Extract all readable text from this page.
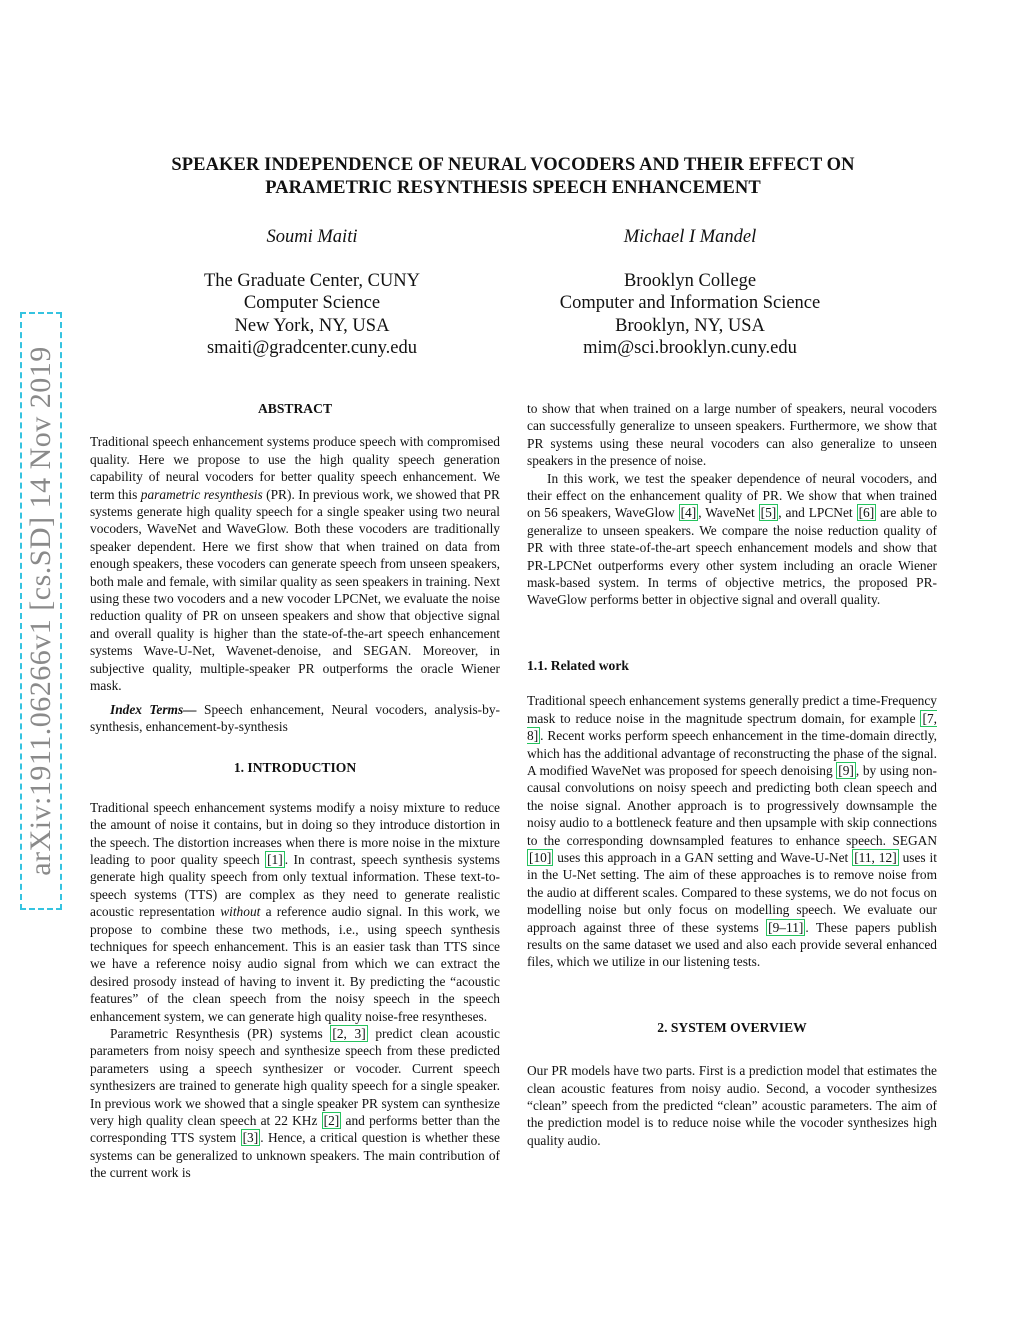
arXiv:1911.06266v1 [cs.SD] 14 Nov 2019
SPEAKER INDEPENDENCE OF NEURAL VOCODERS AND THEIR EFFECT ON
PARAMETRIC RESYNTHESIS SPEECH ENHANCEMENT
Soumi Maiti
The Graduate Center, CUNY
Computer Science
New York, NY, USA
smaiti@gradcenter.cuny.edu
Michael I Mandel
Brooklyn College
Computer and Information Science
Brooklyn, NY, USA
mim@sci.brooklyn.cuny.edu
ABSTRACT

Traditional speech enhancement systems produce speech with compromised quality. Here we propose to use the high quality speech generation capability of neural vocoders for better quality speech enhancement. We term this parametric resynthesis (PR). In previous work, we showed that PR systems generate high quality speech for a single speaker using two neural vocoders, WaveNet and WaveGlow. Both these vocoders are traditionally speaker dependent. Here we first show that when trained on data from enough speakers, these vocoders can generate speech from unseen speakers, both male and female, with similar quality as seen speakers in training. Next using these two vocoders and a new vocoder LPCNet, we evaluate the noise reduction quality of PR on unseen speakers and show that objective signal and overall quality is higher than the state-of-the-art speech enhancement systems Wave-U-Net, Wavenet-denoise, and SEGAN. Moreover, in subjective quality, multiple-speaker PR outperforms the oracle Wiener mask.

Index Terms— Speech enhancement, Neural vocoders, analysis-by-synthesis, enhancement-by-synthesis

1. INTRODUCTION

Traditional speech enhancement systems modify a noisy mixture to reduce the amount of noise it contains, but in doing so they introduce distortion in the speech. The distortion increases when there is more noise in the mixture leading to poor quality speech [1] . In contrast, speech synthesis systems generate high quality speech from only textual information. These text-to-speech systems (TTS) are complex as they need to generate realistic acoustic representation without a reference audio signal. In this work, we propose to combine these two methods, i.e., using speech synthesis techniques for speech enhancement. This is an easier task than TTS since we have a reference noisy audio signal from which we can extract the desired prosody instead of having to invent it. By predicting the “acoustic features” of the clean speech from the noisy speech in the speech enhancement system, we can generate high quality noise-free resyntheses.

Parametric Resynthesis (PR) systems [2, 3] predict clean acoustic parameters from noisy speech and synthesize speech from these predicted parameters using a speech synthesizer or vocoder. Current speech synthesizers are trained to generate high quality speech for a single speaker. In previous work we showed that a single speaker PR system can synthesize very high quality clean speech at 22 KHz [2] and performs better than the corresponding TTS system [3] . Hence, a critical question is whether these systems can be generalized to unknown speakers. The main contribution of the current work is

to show that when trained on a large number of speakers, neural vocoders can successfully generalize to unseen speakers. Furthermore, we show that PR systems using these neural vocoders can also generalize to unseen speakers in the presence of noise.

In this work, we test the speaker dependence of neural vocoders, and their effect on the enhancement quality of PR. We show that when trained on 56 speakers, WaveGlow [4] , WaveNet [5] , and LPCNet [6] are able to generalize to unseen speakers. We compare the noise reduction quality of PR with three state-of-the-art speech enhancement models and show that PR-LPCNet outperforms every other system including an oracle Wiener mask-based system. In terms of objective metrics, the proposed PR-WaveGlow performs better in objective signal and overall quality.

1.1. Related work

Traditional speech enhancement systems generally predict a time-Frequency mask to reduce noise in the magnitude spectrum domain, for example [7, 8] . Recent works perform speech enhancement in the time-domain directly, which has the additional advantage of reconstructing the phase of the signal. A modified WaveNet was proposed for speech denoising [9] , by using non-causal convolutions on noisy speech and predicting both clean speech and the noise signal. Another approach is to progressively downsample the noisy audio to a bottleneck feature and then upsample with skip connections to the corresponding downsampled features to enhance speech. SEGAN [10] uses this approach in a GAN setting and Wave-U-Net [11, 12] uses it in the U-Net setting. The aim of these approaches is to remove noise from the audio at different scales. Compared to these systems, we do not focus on modelling noise but only focus on modelling speech. We evaluate our approach against three of these systems [9–11] . These papers publish results on the same dataset we used and also each provide several enhanced files, which we utilize in our listening tests.

2. SYSTEM OVERVIEW

Our PR models have two parts. First is a prediction model that estimates the clean acoustic features from noisy audio. Second, a vocoder synthesizes “clean” speech from the predicted “clean” acoustic parameters. The aim of the prediction model is to reduce noise while the vocoder synthesizes high quality audio.
